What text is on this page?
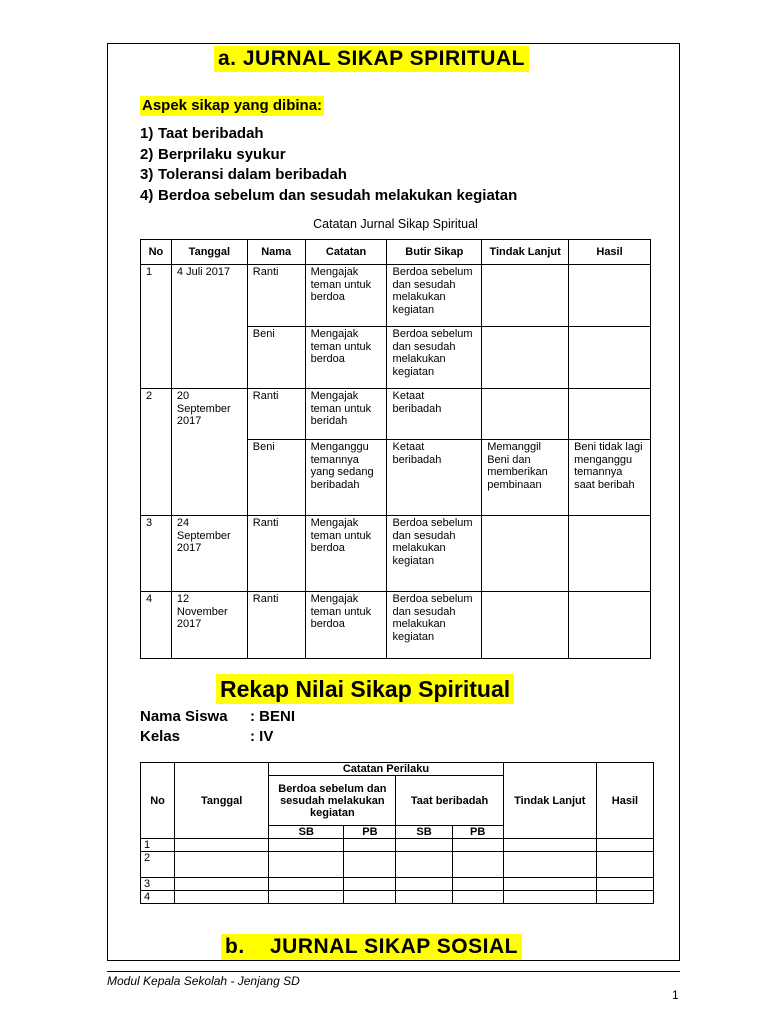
a. JURNAL SIKAP SPIRITUAL
Aspek sikap yang dibina:
1) Taat beribadah
2) Berprilaku syukur
3) Toleransi dalam beribadah
4) Berdoa sebelum dan sesudah melakukan kegiatan
Catatan Jurnal Sikap Spiritual
No	Tanggal	Nama	Catatan	Butir Sikap	Tindak Lanjut	Hasil
1	4 Juli 2017	Ranti	Mengajak teman untuk berdoa	Berdoa sebelum dan sesudah melakukan kegiatan		
		Beni	Mengajak teman untuk berdoa	Berdoa sebelum dan sesudah melakukan kegiatan		
2	20 September 2017	Ranti	Mengajak teman untuk beridah	Ketaat beribadah		
		Beni	Menganggu temannya yang sedang beribadah	Ketaat beribadah	Memanggil Beni dan memberikan pembinaan	Beni tidak lagi menganggu temannya saat beribah
3	24 September 2017	Ranti	Mengajak teman untuk berdoa	Berdoa sebelum dan sesudah melakukan kegiatan		
4	12 November 2017	Ranti	Mengajak teman untuk berdoa	Berdoa sebelum dan sesudah melakukan kegiatan		
Rekap Nilai Sikap Spiritual
Nama Siswa : BENI
Kelas	: IV
No	Tanggal	Catatan Perilaku				Tindak Lanjut	Hasil
		Berdoa sebelum dan sesudah melakukan kegiatan		Taat beribadah			
		SB	PB	SB	PB		
1							
2							
3							
4							
b.    JURNAL SIKAP SOSIAL
Modul Kepala Sekolah - Jenjang SD
1
